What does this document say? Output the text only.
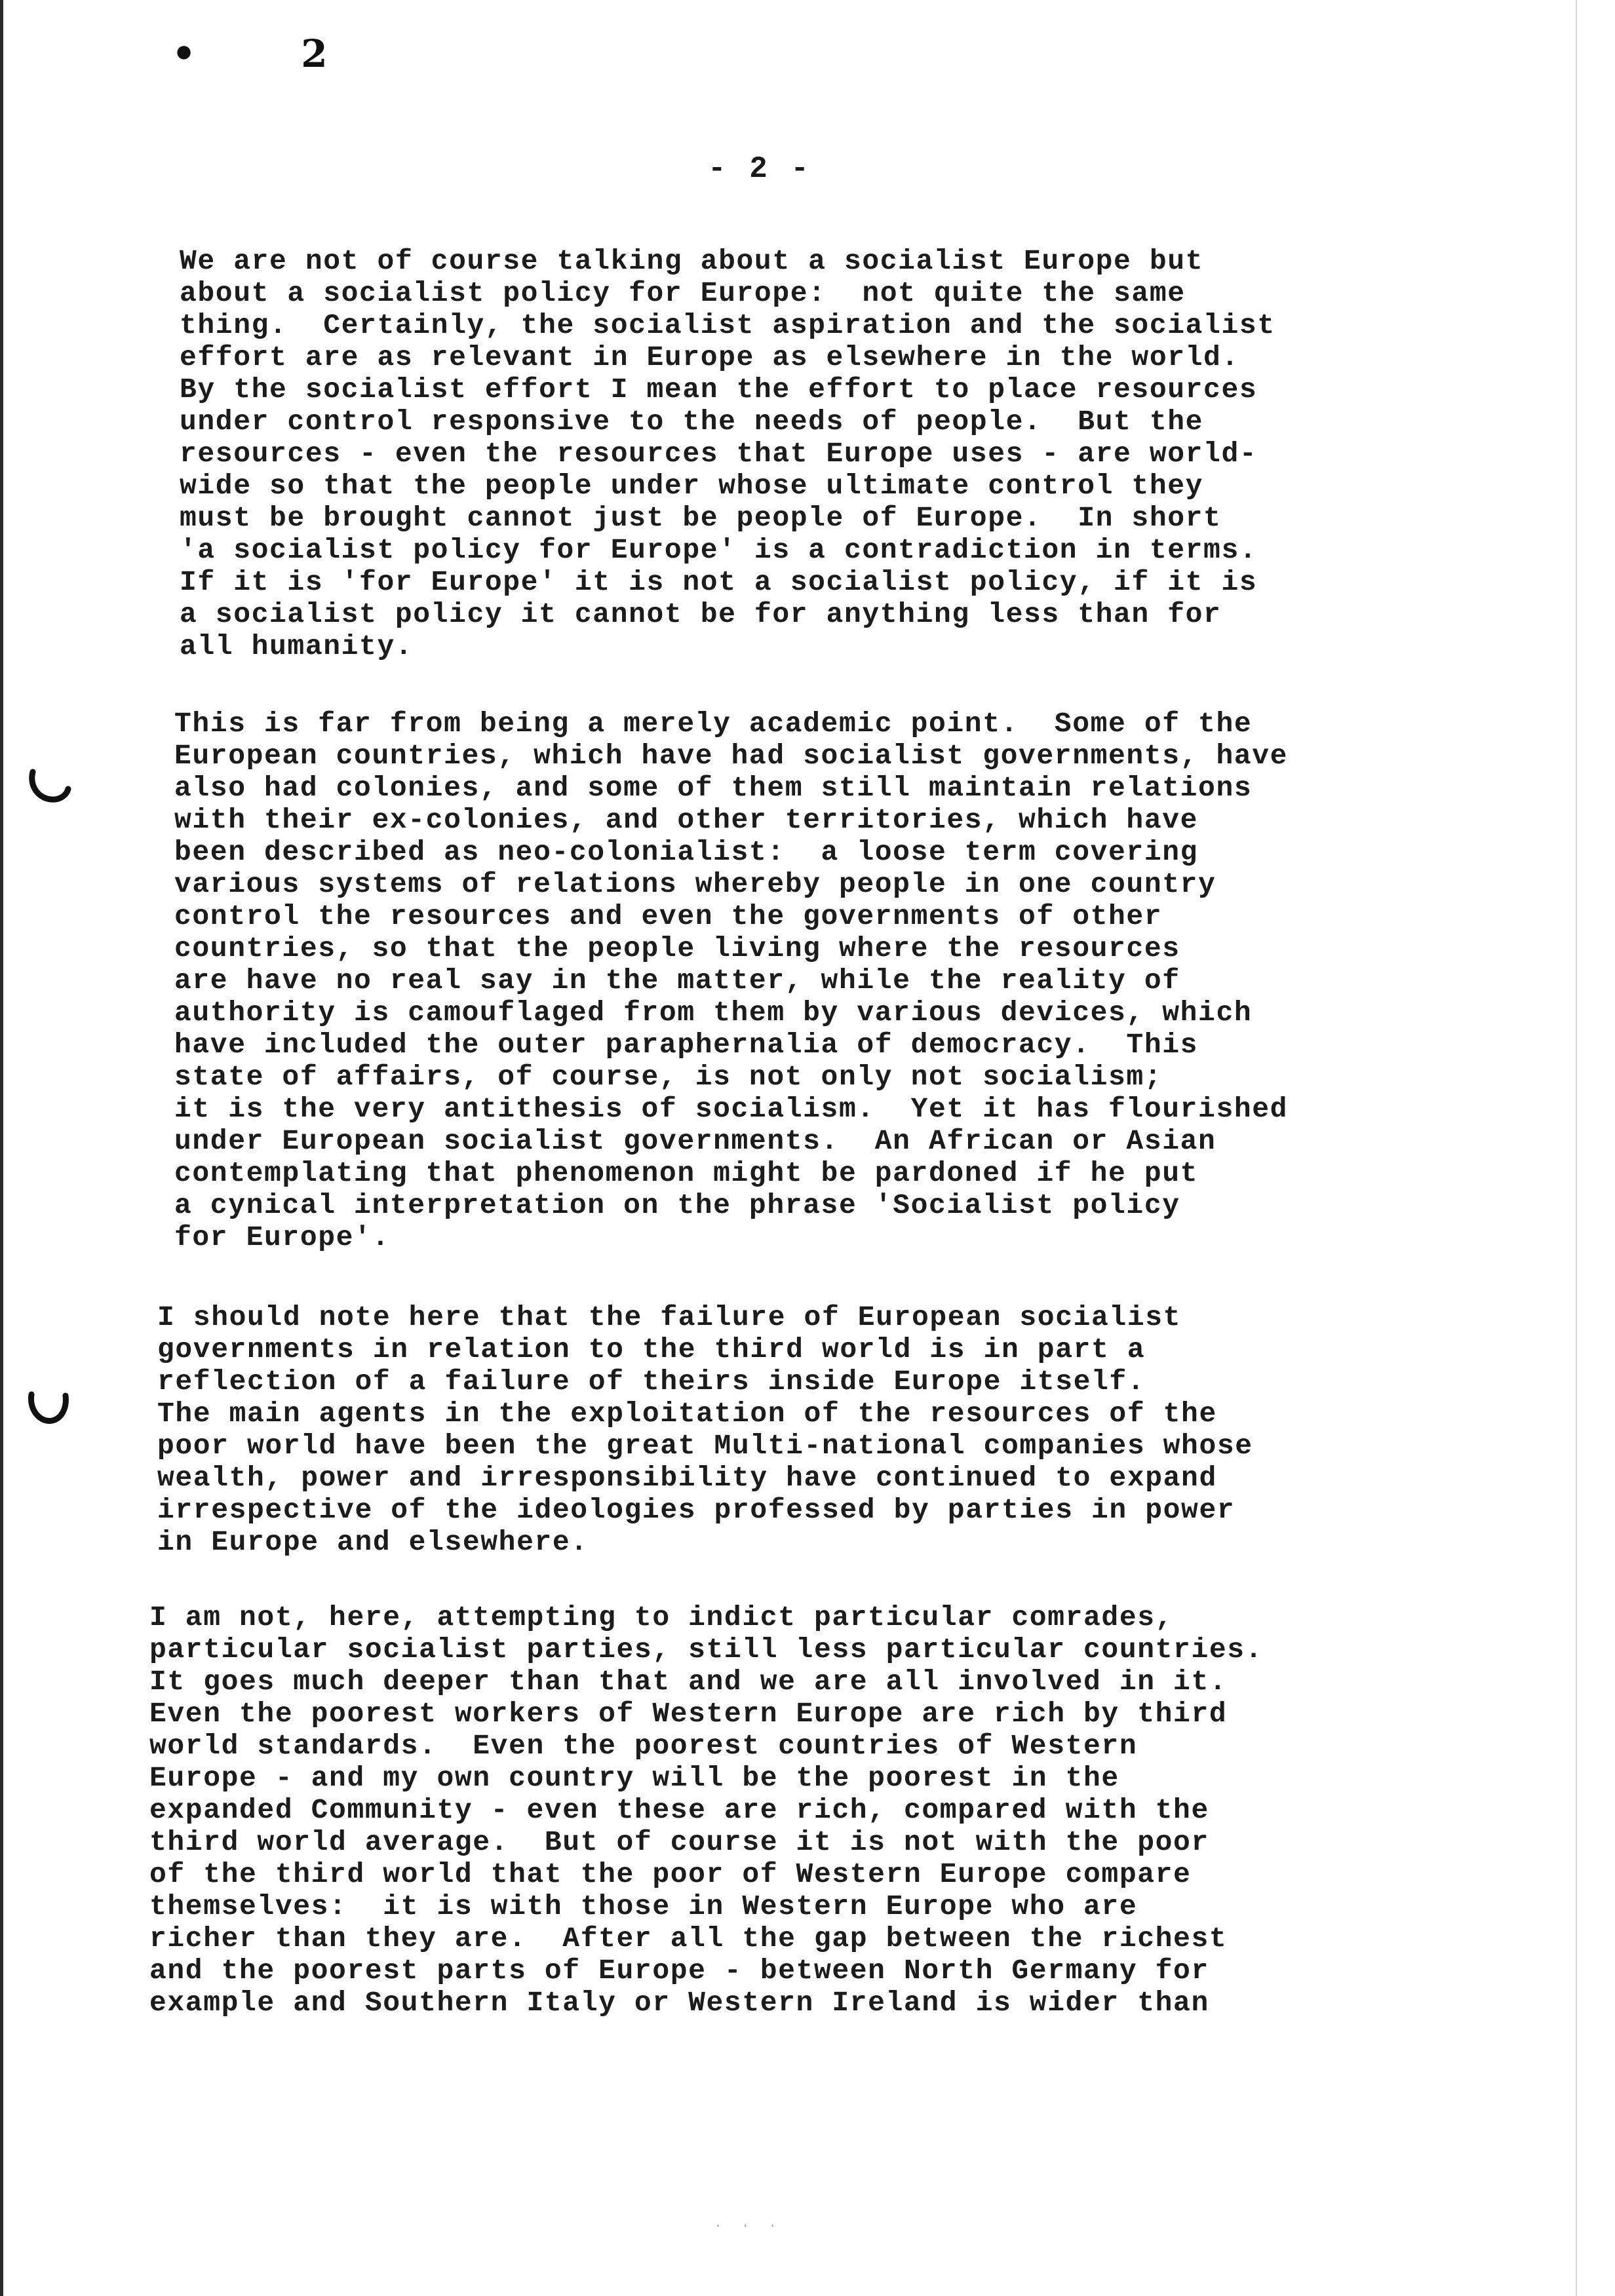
• 2
- 2 -

We are not of course talking about a socialist Europe but
about a socialist policy for Europe:  not quite the same
thing.  Certainly, the socialist aspiration and the socialist
effort are as relevant in Europe as elsewhere in the world.
By the socialist effort I mean the effort to place resources
under control responsive to the needs of people.  But the
resources - even the resources that Europe uses - are world-
wide so that the people under whose ultimate control they
must be brought cannot just be people of Europe.  In short
'a socialist policy for Europe' is a contradiction in terms.
If it is 'for Europe' it is not a socialist policy, if it is
a socialist policy it cannot be for anything less than for
all humanity.

This is far from being a merely academic point.  Some of the
European countries, which have had socialist governments, have
also had colonies, and some of them still maintain relations
with their ex-colonies, and other territories, which have
been described as neo-colonialist:  a loose term covering
various systems of relations whereby people in one country
control the resources and even the governments of other
countries, so that the people living where the resources
are have no real say in the matter, while the reality of
authority is camouflaged from them by various devices, which
have included the outer paraphernalia of democracy.  This
state of affairs, of course, is not only not socialism;
it is the very antithesis of socialism.  Yet it has flourished
under European socialist governments.  An African or Asian
contemplating that phenomenon might be pardoned if he put
a cynical interpretation on the phrase 'Socialist policy
for Europe'.

I should note here that the failure of European socialist
governments in relation to the third world is in part a
reflection of a failure of theirs inside Europe itself.
The main agents in the exploitation of the resources of the
poor world have been the great Multi-national companies whose
wealth, power and irresponsibility have continued to expand
irrespective of the ideologies professed by parties in power
in Europe and elsewhere.

I am not, here, attempting to indict particular comrades,
particular socialist parties, still less particular countries.
It goes much deeper than that and we are all involved in it.
Even the poorest workers of Western Europe are rich by third
world standards.  Even the poorest countries of Western
Europe - and my own country will be the poorest in the
expanded Community - even these are rich, compared with the
third world average.  But of course it is not with the poor
of the third world that the poor of Western Europe compare
themselves:  it is with those in Western Europe who are
richer than they are.  After all the gap between the richest
and the poorest parts of Europe - between North Germany for
example and Southern Italy or Western Ireland is wider than

· · ·
